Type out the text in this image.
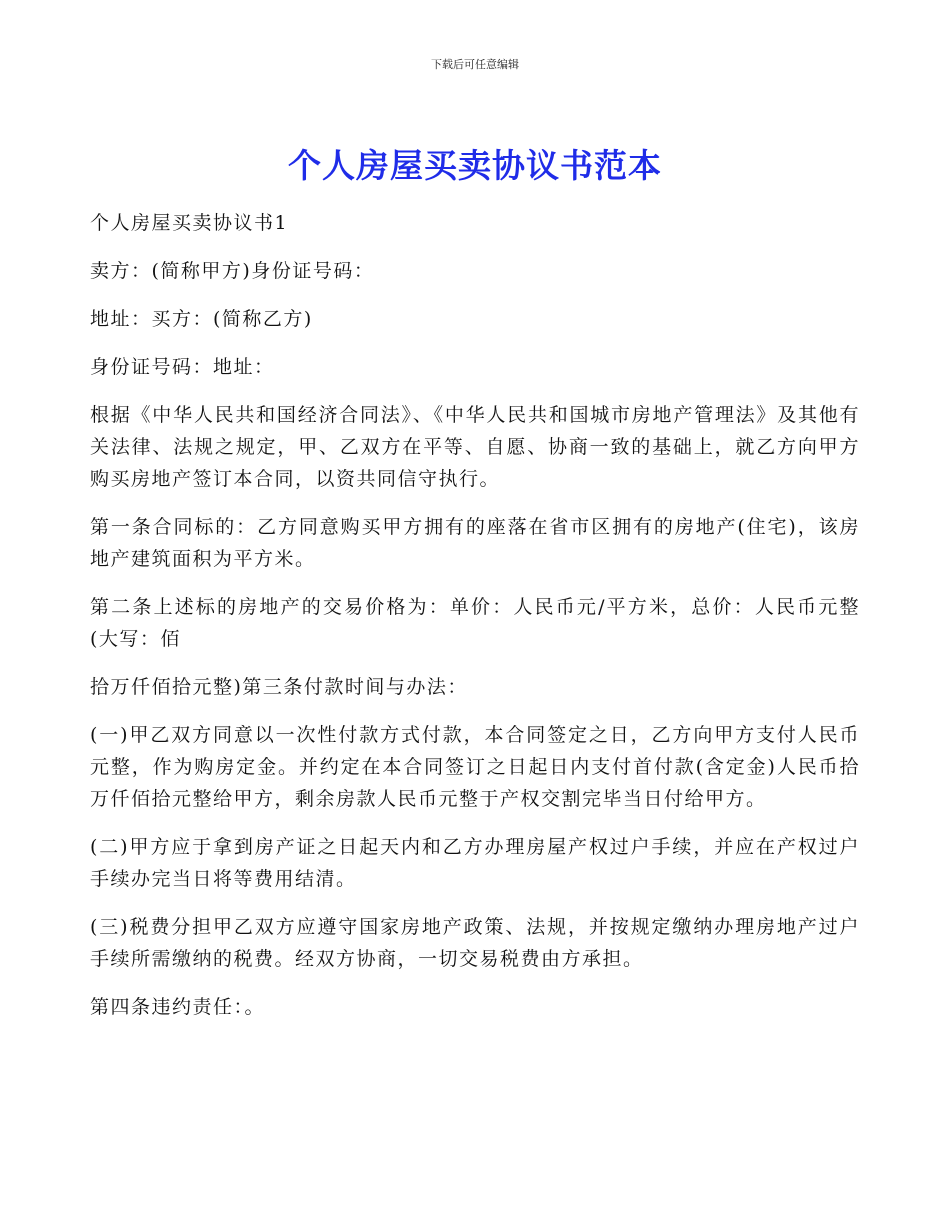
下载后可任意编辑
个人房屋买卖协议书范本

个人房屋买卖协议书1

卖方：(简称甲方)身份证号码：

地址：买方：(简称乙方)

身份证号码：地址：

根据《中华人民共和国经济合同法》、《中华人民共和国城市房地产管理法》及其他有关法律、法规之规定，甲、乙双方在平等、自愿、协商一致的基础上，就乙方向甲方购买房地产签订本合同，以资共同信守执行。

第一条合同标的：乙方同意购买甲方拥有的座落在省市区拥有的房地产(住宅)，该房地产建筑面积为平方米。

第二条上述标的房地产的交易价格为：单价：人民币元/平方米，总价：人民币元整(大写：佰

拾万仟佰拾元整)第三条付款时间与办法：

(一)甲乙双方同意以一次性付款方式付款，本合同签定之日，乙方向甲方支付人民币元整，作为购房定金。并约定在本合同签订之日起日内支付首付款(含定金)人民币拾万仟佰拾元整给甲方，剩余房款人民币元整于产权交割完毕当日付给甲方。

(二)甲方应于拿到房产证之日起天内和乙方办理房屋产权过户手续，并应在产权过户手续办完当日将等费用结清。

(三)税费分担甲乙双方应遵守国家房地产政策、法规，并按规定缴纳办理房地产过户手续所需缴纳的税费。经双方协商，一切交易税费由方承担。

第四条违约责任：。
